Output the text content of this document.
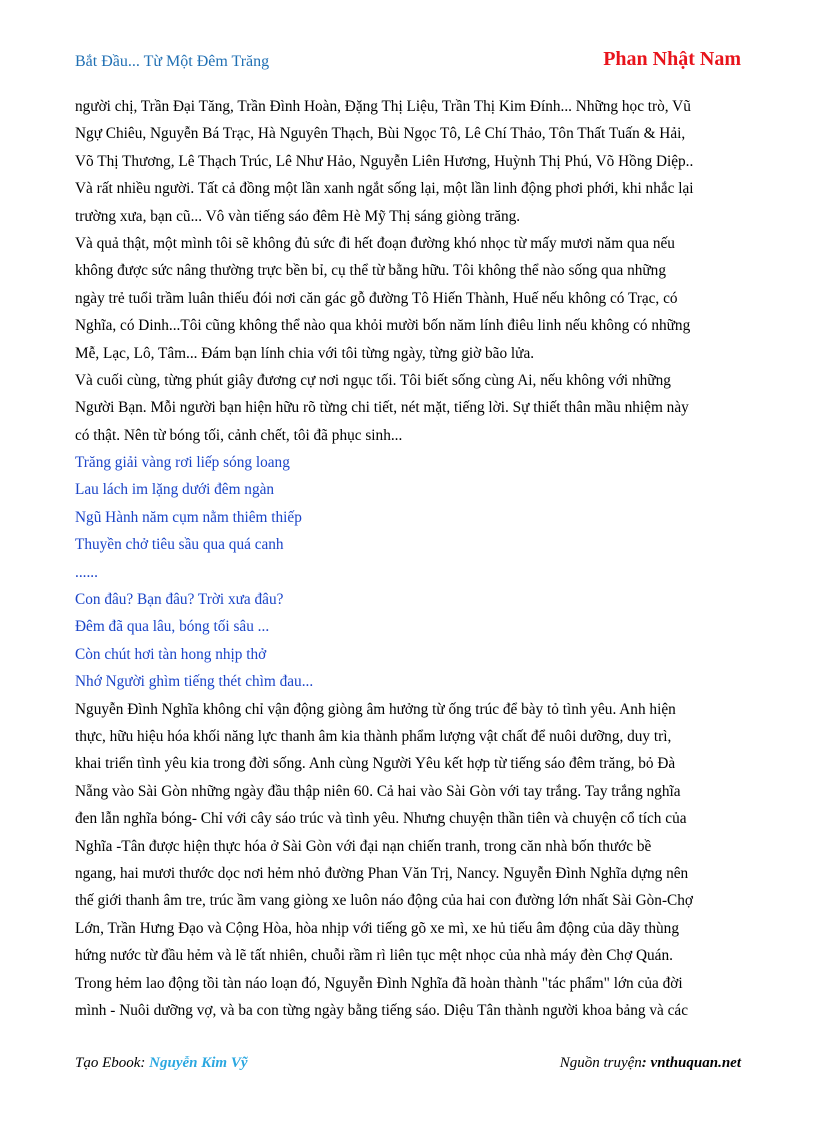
Bắt Đầu... Từ Một Đêm Trăng	Phan Nhật Nam
người chị, Trần Đại Tăng, Trần Đình Hoàn, Đặng Thị Liệu, Trần Thị Kim Đính... Những học trò, Vũ
Ngự Chiêu, Nguyễn Bá Trạc, Hà Nguyên Thạch, Bùi Ngọc Tô, Lê Chí Thảo, Tôn Thất Tuấn & Hải,
Võ Thị Thương, Lê Thạch Trúc, Lê Như Hảo, Nguyễn Liên Hương, Huỳnh Thị Phú, Võ Hồng Diệp..
Và rất nhiều người. Tất cả đồng một lần xanh ngắt sống lại, một lần linh động phơi phới, khi nhắc lại
trường xưa, bạn cũ... Vô vàn tiếng sáo đêm Hè Mỹ Thị sáng giòng trăng.
Và quả thật, một mình tôi sẽ không đủ sức đi hết đoạn đường khó nhọc từ mấy mươi năm qua nếu
không được sức nâng thường trực bền bỉ, cụ thể từ bằng hữu. Tôi không thể nào sống qua những
ngày trẻ tuổi trầm luân thiếu đói nơi căn gác gỗ đường Tô Hiến Thành, Huế nếu không có Trạc, có
Nghĩa, có Dinh...Tôi cũng không thể nào qua khỏi mười bốn năm lính điêu linh nếu không có những
Mễ, Lạc, Lô, Tâm... Đám bạn lính chia với tôi từng ngày, từng giờ bão lửa.
Và cuối cùng, từng phút giây đương cự nơi ngục tối. Tôi biết sống cùng Ai, nếu không với những
Người Bạn. Mỗi người bạn hiện hữu rõ từng chi tiết, nét mặt, tiếng lời. Sự thiết thân mầu nhiệm này
có thật. Nên từ bóng tối, cảnh chết, tôi đã phục sinh...
Trăng giải vàng rơi liếp sóng loang
Lau lách im lặng dưới đêm ngàn
Ngũ Hành năm cụm nằm thiêm thiếp
Thuyền chở tiêu sầu qua quá canh
......
Con đâu? Bạn đâu? Trời xưa đâu?
Đêm đã qua lâu, bóng tối sâu ...
Còn chút hơi tàn hong nhịp thở
Nhớ Người ghìm tiếng thét chìm đau...
Nguyễn Đình Nghĩa không chỉ vận động giòng âm hưởng từ ống trúc để bày tỏ tình yêu. Anh hiện
thực, hữu hiệu hóa khối năng lực thanh âm kia thành phẩm lượng vật chất để nuôi dưỡng, duy trì,
khai triển tình yêu kia trong đời sống. Anh cùng Người Yêu kết hợp từ tiếng sáo đêm trăng, bỏ Đà
Nẵng vào Sài Gòn những ngày đầu thập niên 60. Cả hai vào Sài Gòn với tay trắng. Tay trắng nghĩa
đen lẫn nghĩa bóng- Chỉ với cây sáo trúc và tình yêu. Nhưng chuyện thần tiên và chuyện cổ tích của
Nghĩa -Tân được hiện thực hóa ở Sài Gòn với đại nạn chiến tranh, trong căn nhà bốn thước bề
ngang, hai mươi thước dọc nơi hẻm nhỏ đường Phan Văn Trị, Nancy. Nguyễn Đình Nghĩa dựng nên
thế giới thanh âm tre, trúc ầm vang giòng xe luôn náo động của hai con đường lớn nhất Sài Gòn-Chợ
Lớn, Trần Hưng Đạo và Cộng Hòa, hòa nhịp với tiếng gõ xe mì, xe hủ tiếu âm động của dãy thùng
hứng nước từ đầu hẻm và lẽ tất nhiên, chuỗi rầm rì liên tục mệt nhọc của nhà máy đèn Chợ Quán.
Trong hẻm lao động tồi tàn náo loạn đó, Nguyễn Đình Nghĩa đã hoàn thành "tác phẩm" lớn của đời
mình - Nuôi dưỡng vợ, và ba con từng ngày bằng tiếng sáo. Diệu Tân thành người khoa bảng và các
Tạo Ebook: Nguyễn Kim Vỹ	Nguồn truyện: vnthuquan.net
